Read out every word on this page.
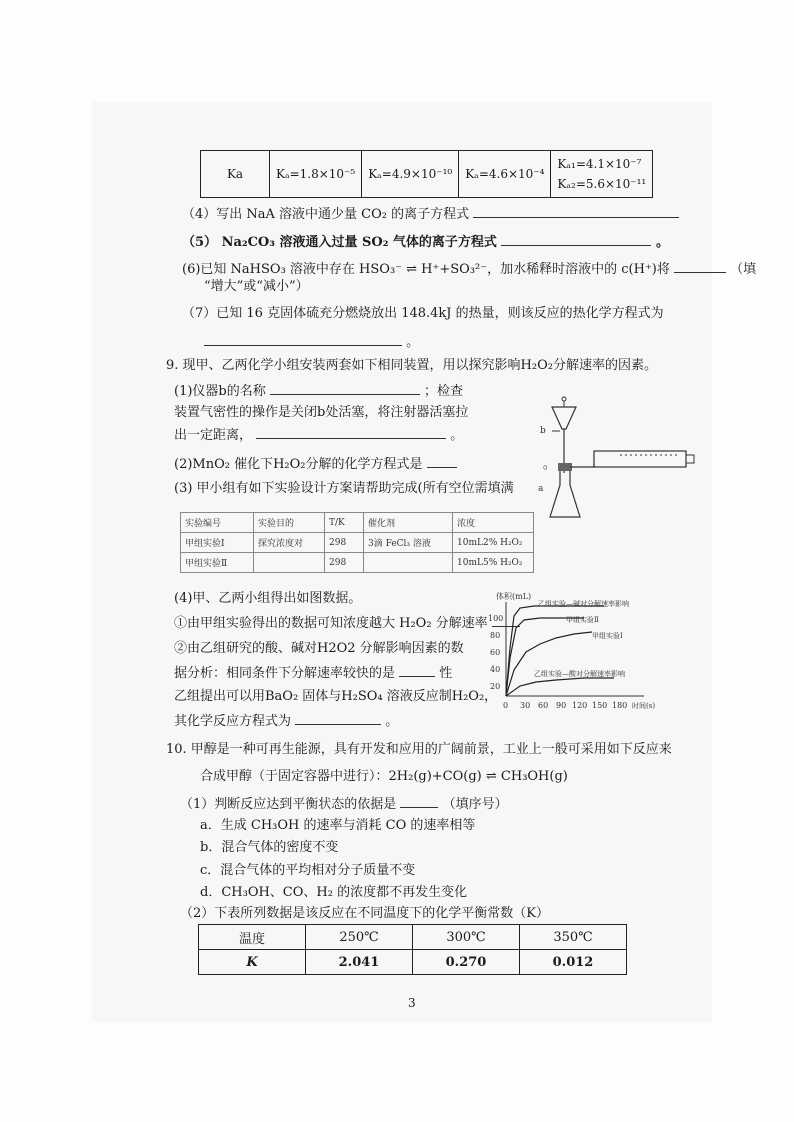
Ka	Kₐ=1.8×10⁻⁵	Kₐ=4.9×10⁻¹⁰	Kₐ=4.6×10⁻⁴	
Kₐ₁=4.1×10⁻⁷
Kₐ₂=5.6×10⁻¹¹
（4）写出 NaA 溶液中通少量 CO₂ 的离子方程式
（5） Na₂CO₃ 溶液通入过量 SO₂ 气体的离子方程式	。
(6)已知 NaHSO₃ 溶液中存在 HSO₃⁻ ⇌ H⁺+SO₃²⁻，加水稀释时溶液中的 c(H⁺)将	（填
“增大”或“减小”）
（7）已知 16 克固体硫充分燃烧放出 148.4kJ 的热量，则该反应的热化学方程式为
。
9. 现甲、乙两化学小组安装两套如下相同装置，用以探究影响H₂O₂分解速率的因素。
(1)仪器b的名称	；检查
装置气密性的操作是关闭b处活塞，将注射器活塞拉
出一定距离，	。
(2)MnO₂ 催化下H₂O₂分解的化学方程式是	。
(3) 甲小组有如下实验设计方案请帮助完成(所有空位需填满
b
a
实验编号	实验目的	T/K	催化剂	浓度
甲组实验Ⅰ	探究浓度对	298	3滴 FeCl₃ 溶液	10mL2% H₂O₂
甲组实验Ⅱ		298		10mL5% H₂O₂
(4)甲、乙两小组得出如图数据。
①由甲组实验得出的数据可知浓度越大 H₂O₂ 分解速率
②由乙组研究的酸、碱对H2O2 分解影响因素的数
据分析：相同条件下分解速率较快的是	性
乙组提出可以用BaO₂ 固体与H₂SO₄ 溶液反应制H₂O₂，
其化学反应方程式为	。
体积(mL)
100
80
60
40
20
0 30 60 90 120 150 180 时间(s)
乙组实验—碱对分解速率影响
甲组实验Ⅱ
甲组实验Ⅰ
乙组实验—酸对分解速率影响
10. 甲醇是一种可再生能源，具有开发和应用的广阔前景，工业上一般可采用如下反应来
合成甲醇（于固定容器中进行）：2H₂(g)+CO(g) ⇌ CH₃OH(g)
（1）判断反应达到平衡状态的依据是	（填序号）
a．生成 CH₃OH 的速率与消耗 CO 的速率相等
b．混合气体的密度不变
c．混合气体的平均相对分子质量不变
d．CH₃OH、CO、H₂ 的浓度都不再发生变化
（2）下表所列数据是该反应在不同温度下的化学平衡常数（K）
温度	250℃	300℃	350℃
K	2.041	0.270	0.012
3
